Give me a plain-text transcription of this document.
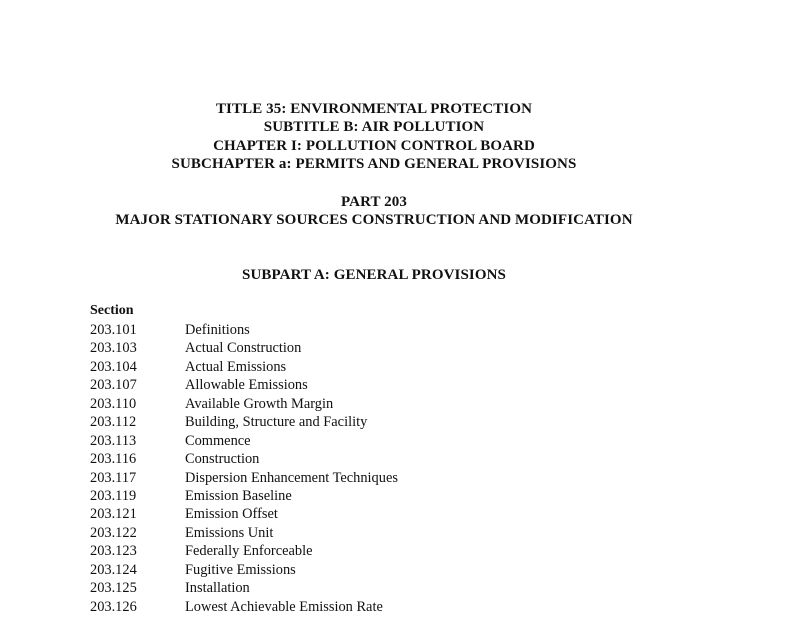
TITLE 35: ENVIRONMENTAL PROTECTION
SUBTITLE B: AIR POLLUTION
CHAPTER I: POLLUTION CONTROL BOARD
SUBCHAPTER a: PERMITS AND GENERAL PROVISIONS
PART 203
MAJOR STATIONARY SOURCES CONSTRUCTION AND MODIFICATION
SUBPART A: GENERAL PROVISIONS
Section
203.101	Definitions
203.103	Actual Construction
203.104	Actual Emissions
203.107	Allowable Emissions
203.110	Available Growth Margin
203.112	Building, Structure and Facility
203.113	Commence
203.116	Construction
203.117	Dispersion Enhancement Techniques
203.119	Emission Baseline
203.121	Emission Offset
203.122	Emissions Unit
203.123	Federally Enforceable
203.124	Fugitive Emissions
203.125	Installation
203.126	Lowest Achievable Emission Rate
